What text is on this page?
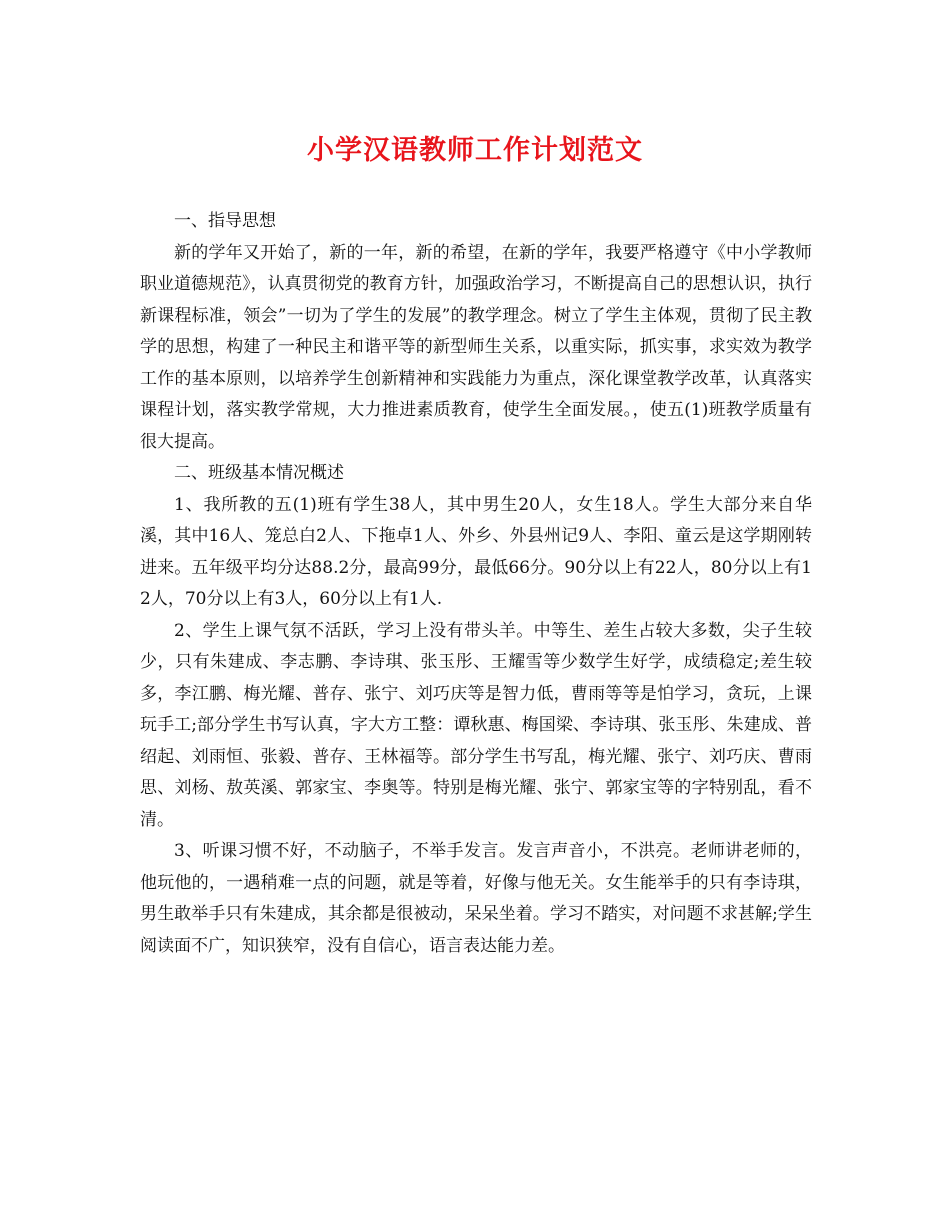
小学汉语教师工作计划范文

一、指导思想

新的学年又开始了，新的一年，新的希望，在新的学年，我要严格遵守《中小学教师职业道德规范》，认真贯彻党的教育方针，加强政治学习，不断提高自己的思想认识，执行新课程标准，领会”一切为了学生的发展”的教学理念。树立了学生主体观，贯彻了民主教学的思想，构建了一种民主和谐平等的新型师生关系，以重实际，抓实事，求实效为教学工作的基本原则，以培养学生创新精神和实践能力为重点，深化课堂教学改革，认真落实课程计划，落实教学常规，大力推进素质教育，使学生全面发展。，使五(1)班教学质量有很大提高。

二、班级基本情况概述

1、我所教的五(1)班有学生38人，其中男生20人，女生18人。学生大部分来自华溪，其中16人、笼总白2人、下拖卓1人、外乡、外县州记9人、李阳、童云是这学期刚转进来。五年级平均分达88.2分，最高99分，最低66分。90分以上有22人，80分以上有12人，70分以上有3人，60分以上有1人.

2、学生上课气氛不活跃，学习上没有带头羊。中等生、差生占较大多数，尖子生较少，只有朱建成、李志鹏、李诗琪、张玉彤、王耀雪等少数学生好学，成绩稳定;差生较多，李江鹏、梅光耀、普存、张宁、刘巧庆等是智力低，曹雨等等是怕学习，贪玩，上课玩手工;部分学生书写认真，字大方工整：谭秋惠、梅国梁、李诗琪、张玉彤、朱建成、普绍起、刘雨恒、张毅、普存、王林福等。部分学生书写乱，梅光耀、张宁、刘巧庆、曹雨思、刘杨、敖英溪、郭家宝、李奥等。特别是梅光耀、张宁、郭家宝等的字特别乱，看不清。

3、听课习惯不好，不动脑子，不举手发言。发言声音小，不洪亮。老师讲老师的，他玩他的，一遇稍难一点的问题，就是等着，好像与他无关。女生能举手的只有李诗琪，男生敢举手只有朱建成，其余都是很被动，呆呆坐着。学习不踏实，对问题不求甚解;学生阅读面不广，知识狭窄，没有自信心，语言表达能力差。
